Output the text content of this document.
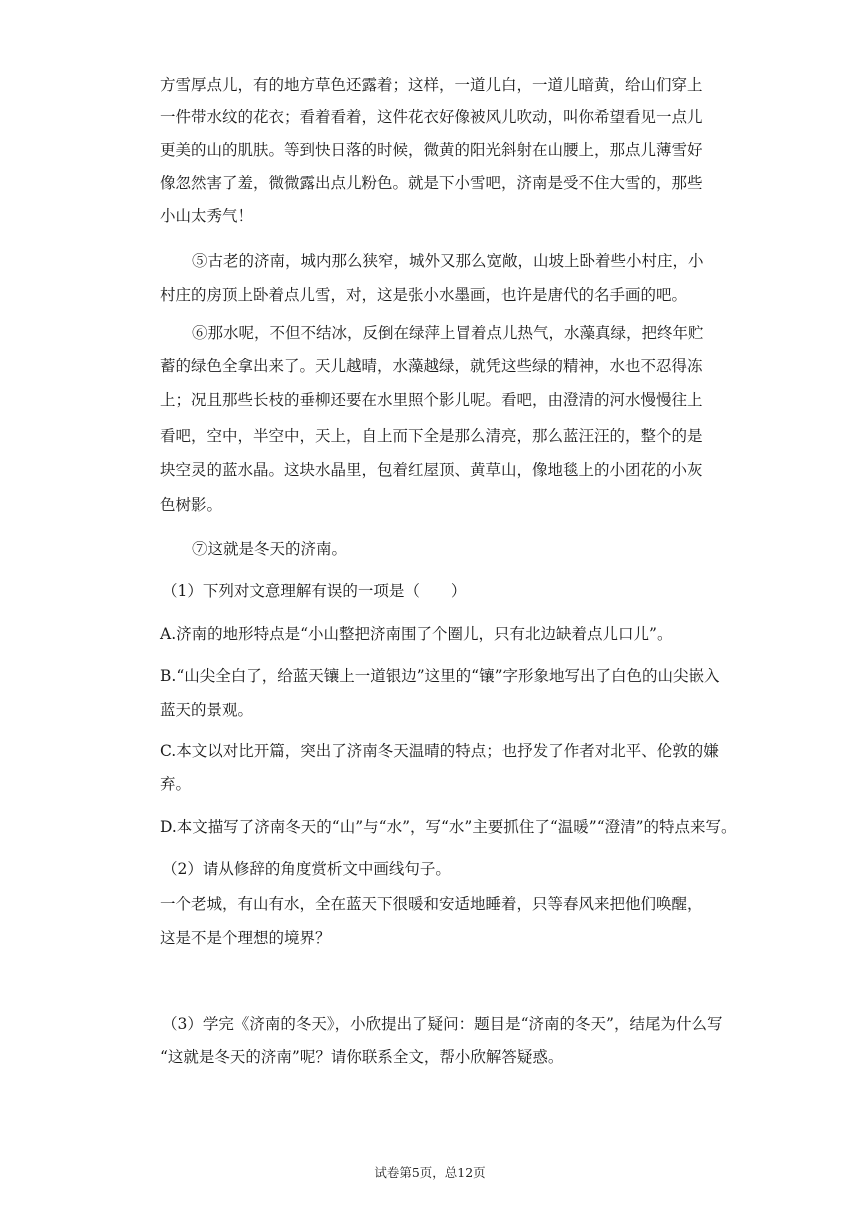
方雪厚点儿，有的地方草色还露着；这样，一道儿白，一道儿暗黄，给山们穿上
一件带水纹的花衣；看着看着，这件花衣好像被风儿吹动，叫你希望看见一点儿
更美的山的肌肤。等到快日落的时候，微黄的阳光斜射在山腰上，那点儿薄雪好
像忽然害了羞，微微露出点儿粉色。就是下小雪吧，济南是受不住大雪的，那些
小山太秀气！
⑤古老的济南，城内那么狭窄，城外又那么宽敞，山坡上卧着些小村庄，小
村庄的房顶上卧着点儿雪，对，这是张小水墨画，也许是唐代的名手画的吧。
⑥那水呢，不但不结冰，反倒在绿萍上冒着点儿热气，水藻真绿，把终年贮
蓄的绿色全拿出来了。天儿越晴，水藻越绿，就凭这些绿的精神，水也不忍得冻
上；况且那些长枝的垂柳还要在水里照个影儿呢。看吧，由澄清的河水慢慢往上
看吧，空中，半空中，天上，自上而下全是那么清亮，那么蓝汪汪的，整个的是
块空灵的蓝水晶。这块水晶里，包着红屋顶、黄草山，像地毯上的小团花的小灰
色树影。
⑦这就是冬天的济南。
（1）下列对文意理解有误的一项是（　　）
A.济南的地形特点是“小山整把济南围了个圈儿，只有北边缺着点儿口儿”。
B.“山尖全白了，给蓝天镶上一道银边”这里的“镶”字形象地写出了白色的山尖嵌入
蓝天的景观。
C.本文以对比开篇，突出了济南冬天温晴的特点；也抒发了作者对北平、伦敦的嫌
弃。
D.本文描写了济南冬天的“山”与“水”，写“水”主要抓住了“温暖”“澄清”的特点来写。
（2）请从修辞的角度赏析文中画线句子。
一个老城，有山有水，全在蓝天下很暖和安适地睡着，只等春风来把他们唤醒，
这是不是个理想的境界？
（3）学完《济南的冬天》，小欣提出了疑问：题目是“济南的冬天”，结尾为什么写
“这就是冬天的济南”呢？请你联系全文，帮小欣解答疑惑。
试卷第5页，总12页
